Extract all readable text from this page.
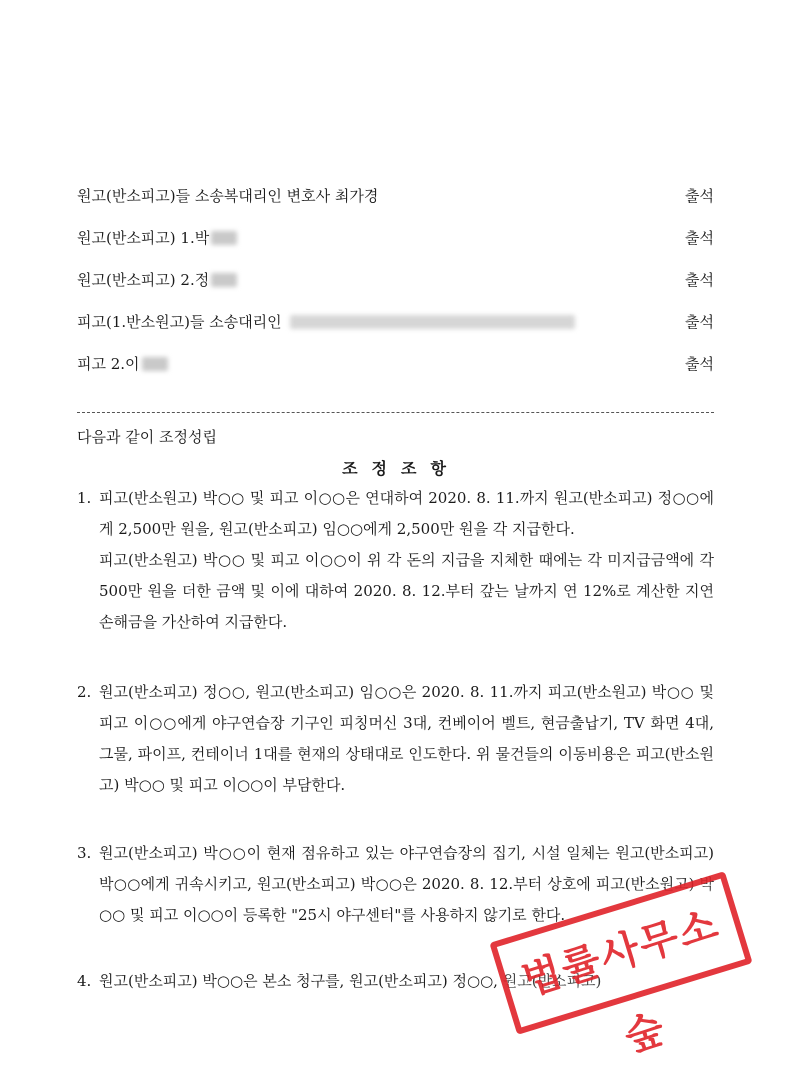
원고(반소피고)들 소송복대리인 변호사 최가경	출석
원고(반소피고) 1.박	출석
원고(반소피고) 2.정	출석
피고(1.반소원고)들 소송대리인	출석
피고 2.이	출석
다음과 같이 조정성립
조정조항
1. 피고(반소원고) 박○○ 및 피고 이○○은 연대하여 2020. 8. 11.까지 원고(반소피고) 정○○에게 2,500만 원을, 원고(반소피고) 임○○에게 2,500만 원을 각 지급한다.
피고(반소원고) 박○○ 및 피고 이○○이 위 각 돈의 지급을 지체한 때에는 각 미지급금액에 각 500만 원을 더한 금액 및 이에 대하여 2020. 8. 12.부터 갚는 날까지 연 12%로 계산한 지연손해금을 가산하여 지급한다.
2. 원고(반소피고) 정○○, 원고(반소피고) 임○○은 2020. 8. 11.까지 피고(반소원고) 박○○ 및 피고 이○○에게 야구연습장 기구인 피칭머신 3대, 컨베이어 벨트, 현금출납기, TV 화면 4대, 그물, 파이프, 컨테이너 1대를 현재의 상태대로 인도한다. 위 물건들의 이동비용은 피고(반소원고) 박○○ 및 피고 이○○이 부담한다.
3. 원고(반소피고) 박○○이 현재 점유하고 있는 야구연습장의 집기, 시설 일체는 원고(반소피고) 박○○에게 귀속시키고, 원고(반소피고) 박○○은 2020. 8. 12.부터 상호에 피고(반소원고) 박○○ 및 피고 이○○이 등록한 "25시 야구센터"를 사용하지 않기로 한다.
4. 원고(반소피고) 박○○은 본소 청구를, 원고(반소피고) 정○○, 원고(반소피고)
법률사무소 숲
